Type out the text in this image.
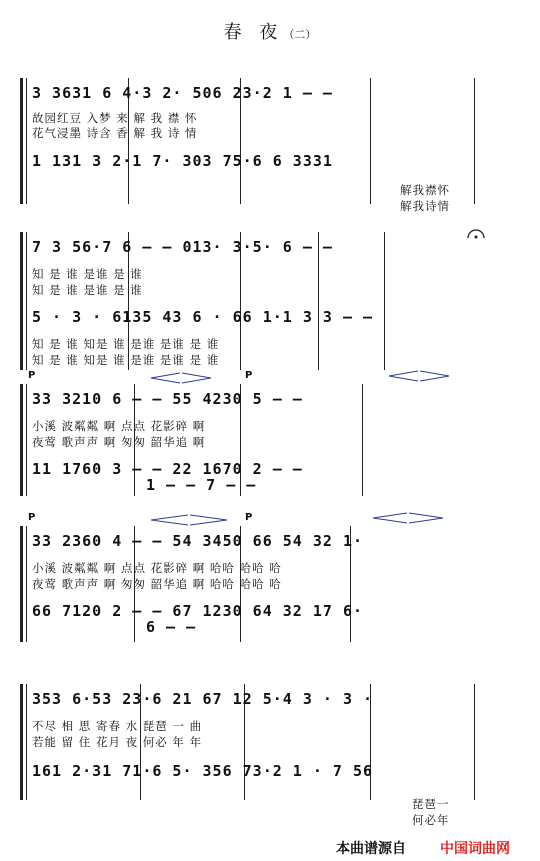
春 夜（二）
3 3631 6 4·3 2· 506 23·2 1 — —
故园红豆 入梦 来 解 我 襟 怀
花气浸墨 诗含 香 解 我 诗 情
1 131 3 2·1 7· 303 75·6 6 3331
解我襟怀
解我诗情
7 3 56·7 6 — — 013· 3·5· 6 — —
知 是 谁 是谁 是 谁
知 是 谁 是谁 是 谁
5 · 3 · 6135 43 6 · 66 1·1 3 3 — —
知 是 谁 知是 谁 是谁 是谁 是 谁
知 是 谁 知是 谁 是谁 是谁 是 谁
P	P
33 3210 6 — — 55 4230 5 — —
小溪 波粼粼 啊 点点 花影碎 啊
夜莺 歌声声 啊 匆匆 韶华追 啊
11 1760 3 — — 22 1670 2 — —
1 — — 7 — —
P	P
33 2360 4 — — 54 3450 66 54 32 1·
小溪 波粼粼 啊 点点 花影碎 啊 哈哈 哈哈 哈
夜莺 歌声声 啊 匆匆 韶华追 啊 哈哈 哈哈 哈
66 7120 2 — — 67 1230 64 32 17 6·
6 — —
353 6·53 23·6 21 67 12 5·4 3 · 3 ·
不尽 相 思 寄春 水 琵琶 一 曲
若能 留 住 花月 夜 何必 年 年
161 2·31 71·6 5· 356 73·2 1 · 7 56
琵琶一
何必年
本曲谱源自 中国词曲网
